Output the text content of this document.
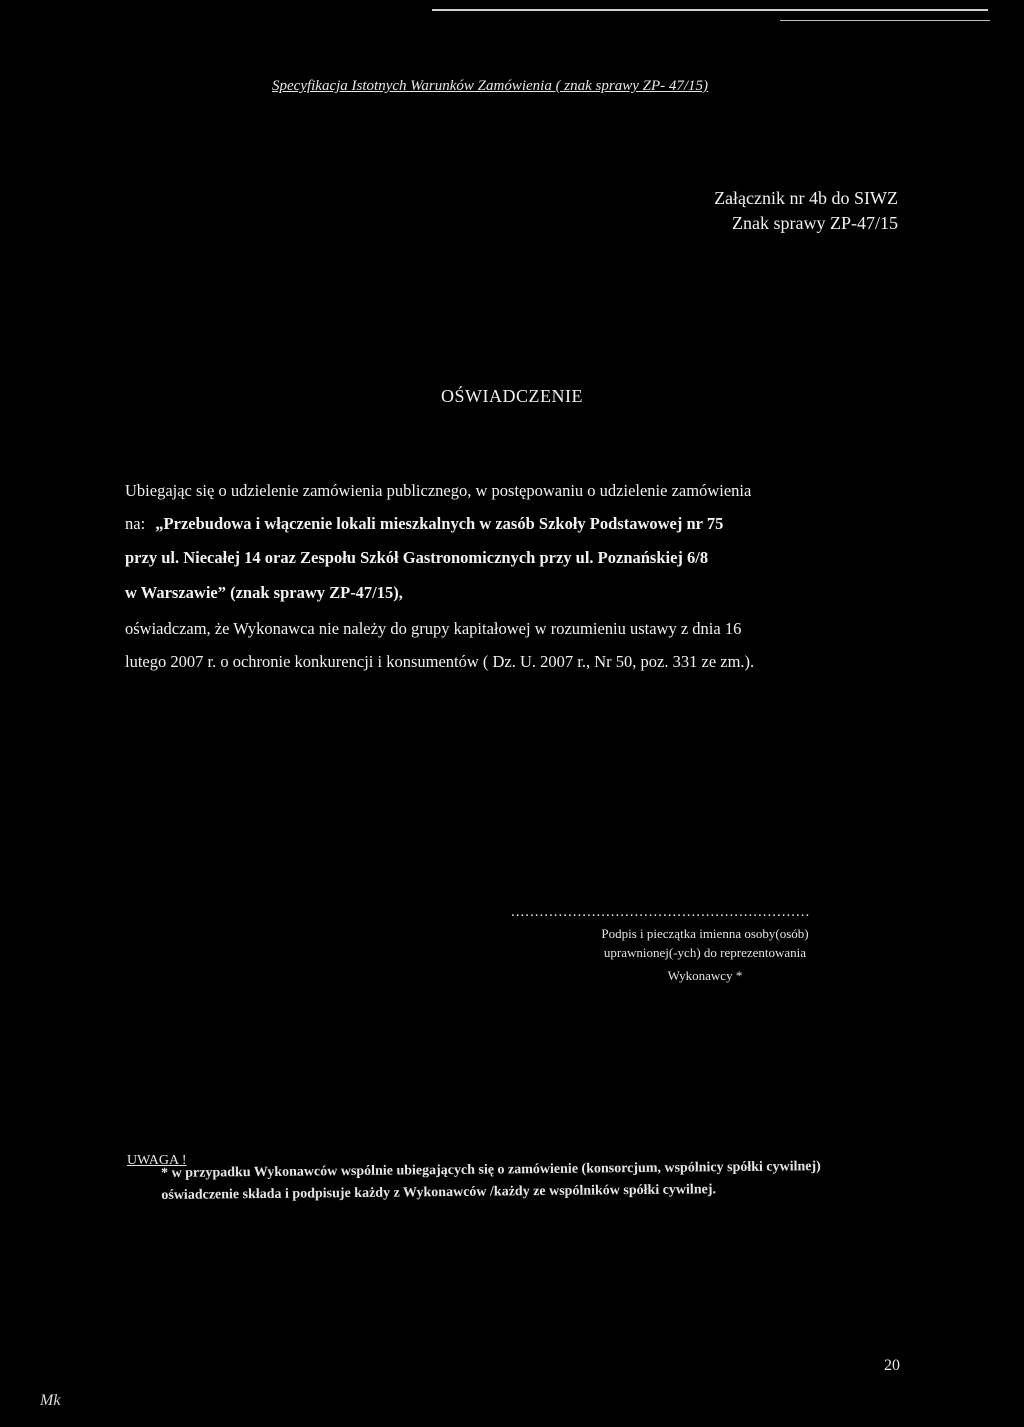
Specyfikacja Istotnych Warunków Zamówienia ( znak sprawy ZP- 47/15)
Załącznik nr 4b do SIWZ
Znak sprawy ZP-47/15
OŚWIADCZENIE
Ubiegając się o udzielenie zamówienia publicznego, w postępowaniu o udzielenie zamówienia
na: „Przebudowa i włączenie lokali mieszkalnych w zasób Szkoły Podstawowej nr 75
przy ul. Niecałej 14 oraz Zespołu Szkół Gastronomicznych przy ul. Poznańskiej 6/8
w Warszawie” (znak sprawy ZP-47/15),
oświadczam, że Wykonawca nie należy do grupy kapitałowej w rozumieniu ustawy z dnia 16
lutego 2007 r. o ochronie konkurencji i konsumentów ( Dz. U. 2007 r., Nr 50, poz. 331 ze zm.).
...............................................................
Podpis i pieczątka imienna osoby(osób)
uprawnionej(-ych) do reprezentowania
Wykonawcy *
UWAGA !
* w przypadku Wykonawców wspólnie ubiegających się o zamówienie (konsorcjum, wspólnicy spółki cywilnej) oświadczenie składa i podpisuje każdy z Wykonawców /każdy ze wspólników spółki cywilnej.
20
Mk
